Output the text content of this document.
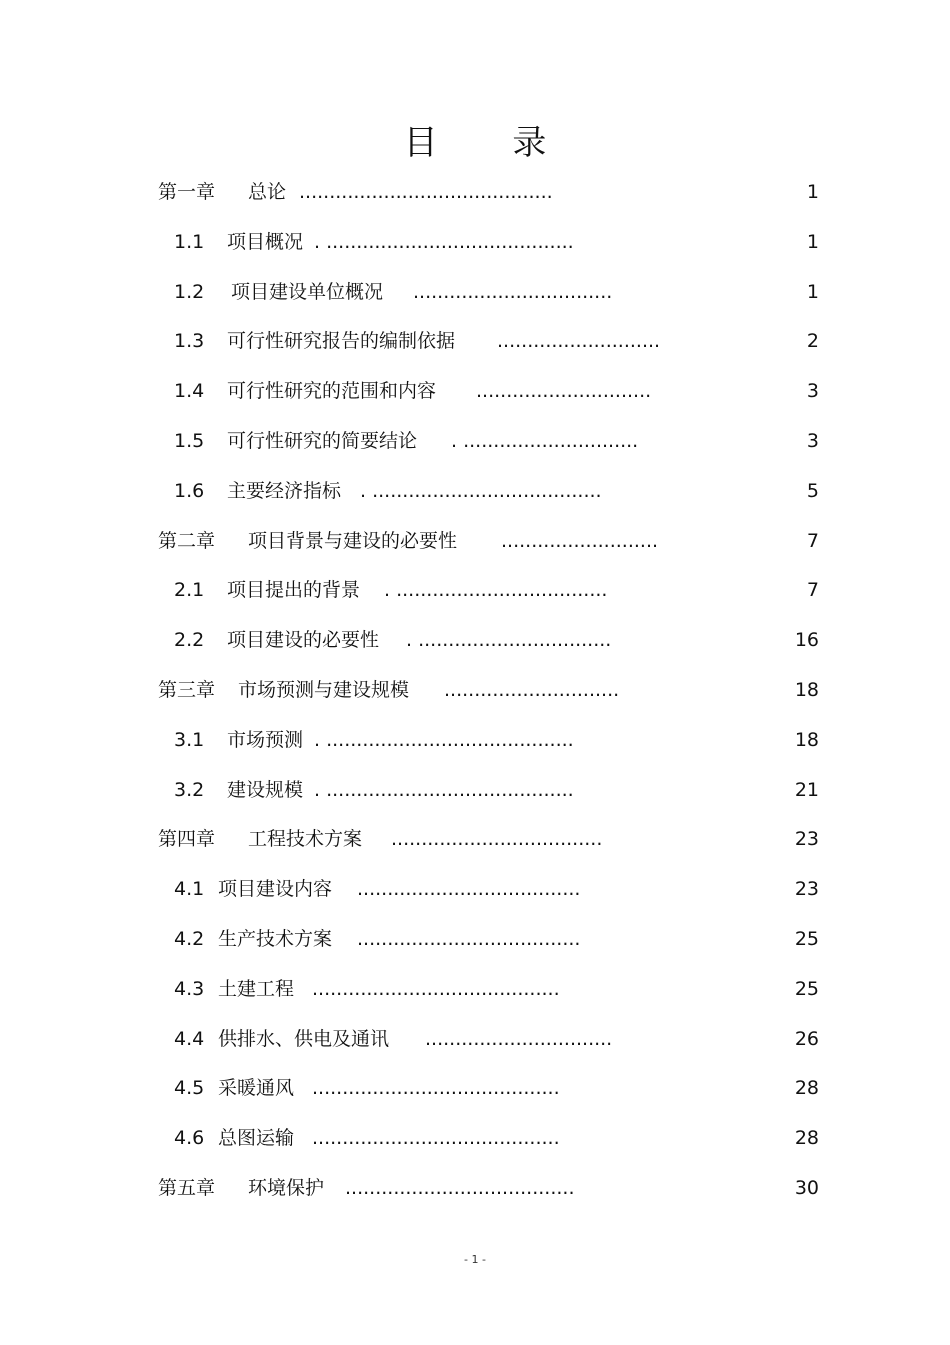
目 录
第一章 总论 ..........................................	1
1.1 项目概况 . .........................................	1
1.2 项目建设单位概况 .................................	1
1.3 可行性研究报告的编制依据 ...........................	2
1.4 可行性研究的范围和内容 .............................	3
1.5 可行性研究的简要结论 . .............................	3
1.6 主要经济指标 . ......................................	5
第二章 项目背景与建设的必要性 ..........................	7
2.1 项目提出的背景 . ...................................	7
2.2 项目建设的必要性 . ................................	16
第三章 市场预测与建设规模 .............................	18
3.1 市场预测 . .........................................	18
3.2 建设规模 . .........................................	21
第四章 工程技术方案 ...................................	23
4.1 项目建设内容 .....................................	23
4.2 生产技术方案 .....................................	25
4.3 土建工程 .........................................	25
4.4 供排水、供电及通讯 ...............................	26
4.5 采暖通风 .........................................	28
4.6 总图运输 .........................................	28
第五章 环境保护 ......................................	30
- 1 -
